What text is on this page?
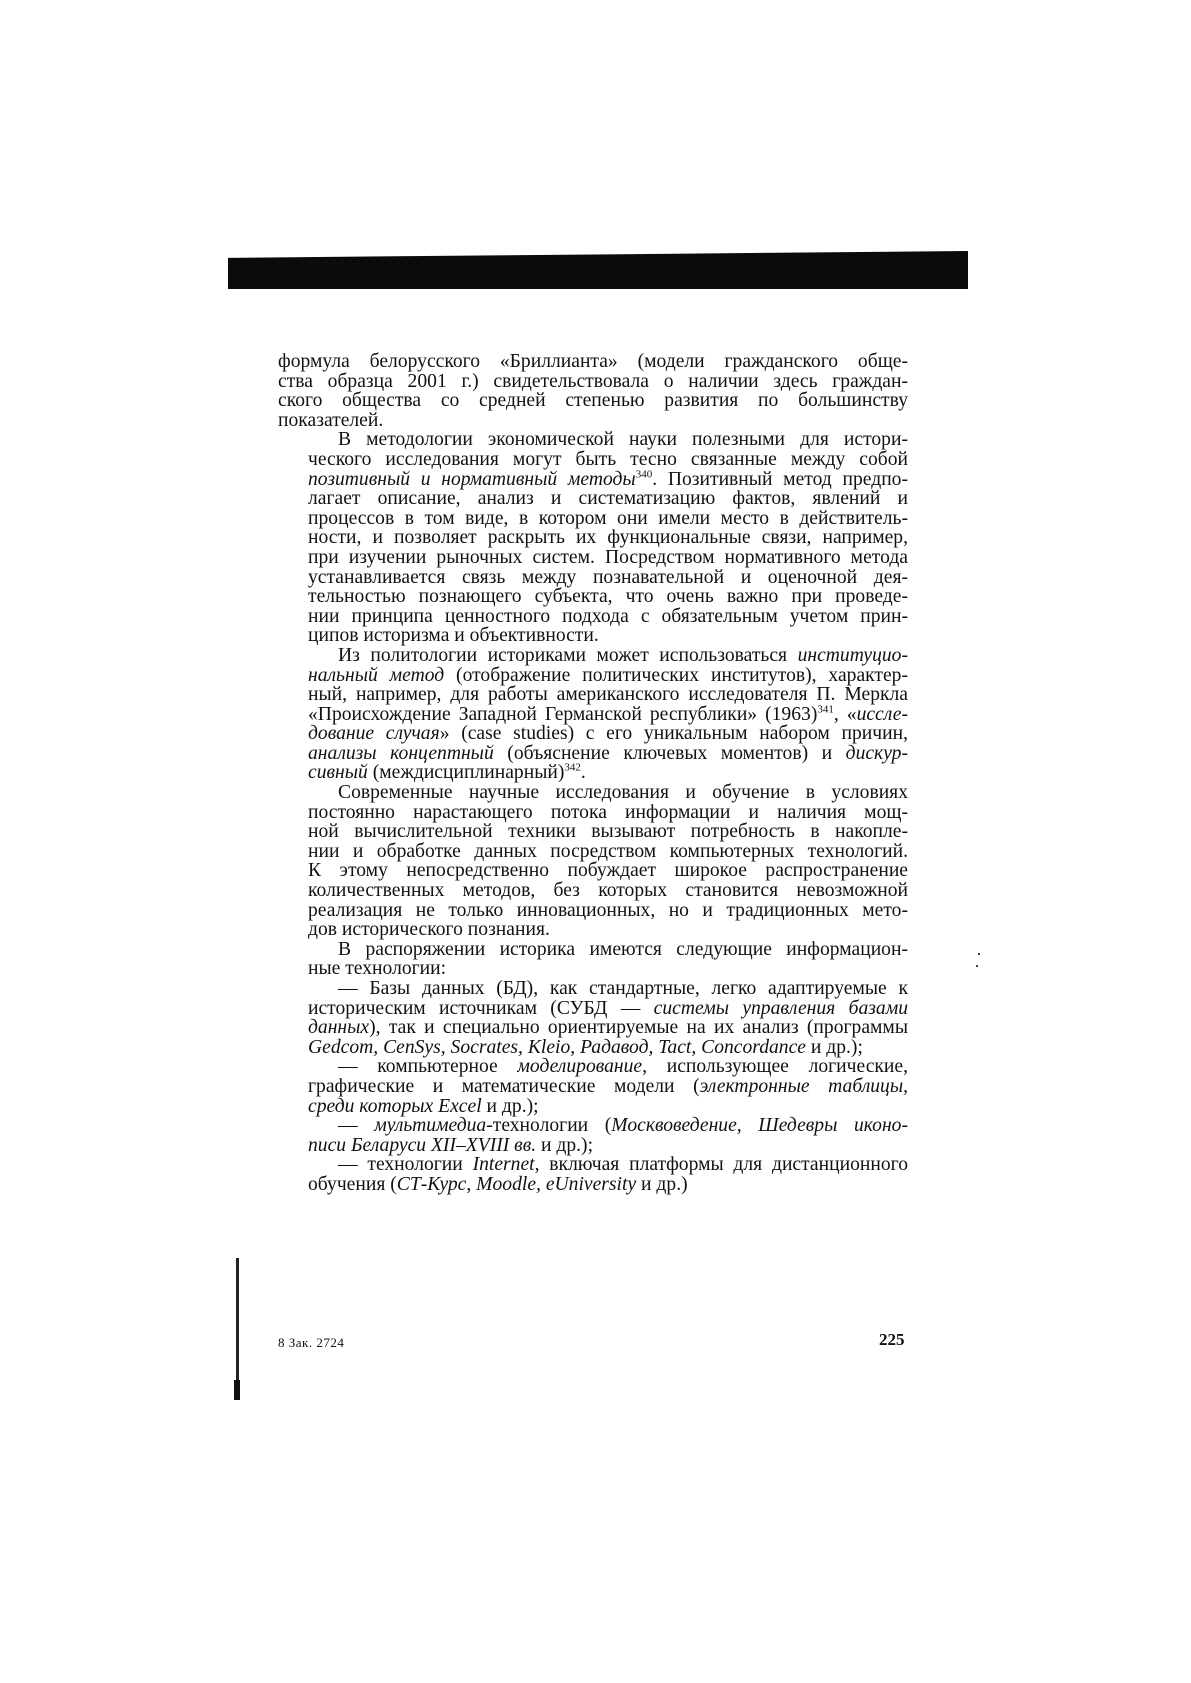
формула белорусского «Бриллианта» (модели гражданского обще-
ства образца 2001 г.) свидетельствовала о наличии здесь граждан-
ского общества со средней степенью развития по большинству
показателей.
В методологии экономической науки полезными для истори-
ческого исследования могут быть тесно связанные между собой
позитивный и нормативный методы$^{340}$. Позитивный метод предпо-
лагает описание, анализ и систематизацию фактов, явлений и
процессов в том виде, в котором они имели место в действитель-
ности, и позволяет раскрыть их функциональные связи, например,
при изучении рыночных систем. Посредством нормативного метода
устанавливается связь между познавательной и оценочной дея-
тельностью познающего субъекта, что очень важно при проведе-
нии принципа ценностного подхода с обязательным учетом прин-
ципов историзма и объективности.
Из политологии историками может использоваться институцио-
нальный метод (отображение политических институтов), характер-
ный, например, для работы американского исследователя П. Меркла
«Происхождение Западной Германской республики» $(1963)^{341}$, «иссле-
дование случая» (case studies) с его уникальным набором причин,
анализы концептный (объяснение ключевых моментов) и дискур-
сивный (междисциплинарный)$^{342}$.
Современные научные исследования и обучение в условиях
постоянно нарастающего потока информации и наличия мощ-
ной вычислительной техники вызывают потребность в накопле-
нии и обработке данных посредством компьютерных технологий.
К этому непосредственно побуждает широкое распространение
количественных методов, без которых становится невозможной
реализация не только инновационных, но и традиционных мето-
дов исторического познания.
В распоряжении историка имеются следующие информацион-
ные технологии:
— Базы данных (БД), как стандартные, легко адаптируемые к
историческим источникам (СУБД — системы управления базами
данных), так и специально ориентируемые на их анализ (программы
Gedcom, CenSys, Socrates, Kleio, Радавод, Tact, Concordance и др.);
— компьютерное моделирование, использующее логические,
графические и математические модели (электронные таблицы,
среди которых Excel и др.);
— мультимедиа-технологии (Москвоведение, Шедевры иконо-
писи Беларуси XII–XVIII вв. и др.);
— технологии Internet, включая платформы для дистанционного
обучения (СТ-Курс, Moodle, eUniversity и др.)
8 Зак. 2724	225
